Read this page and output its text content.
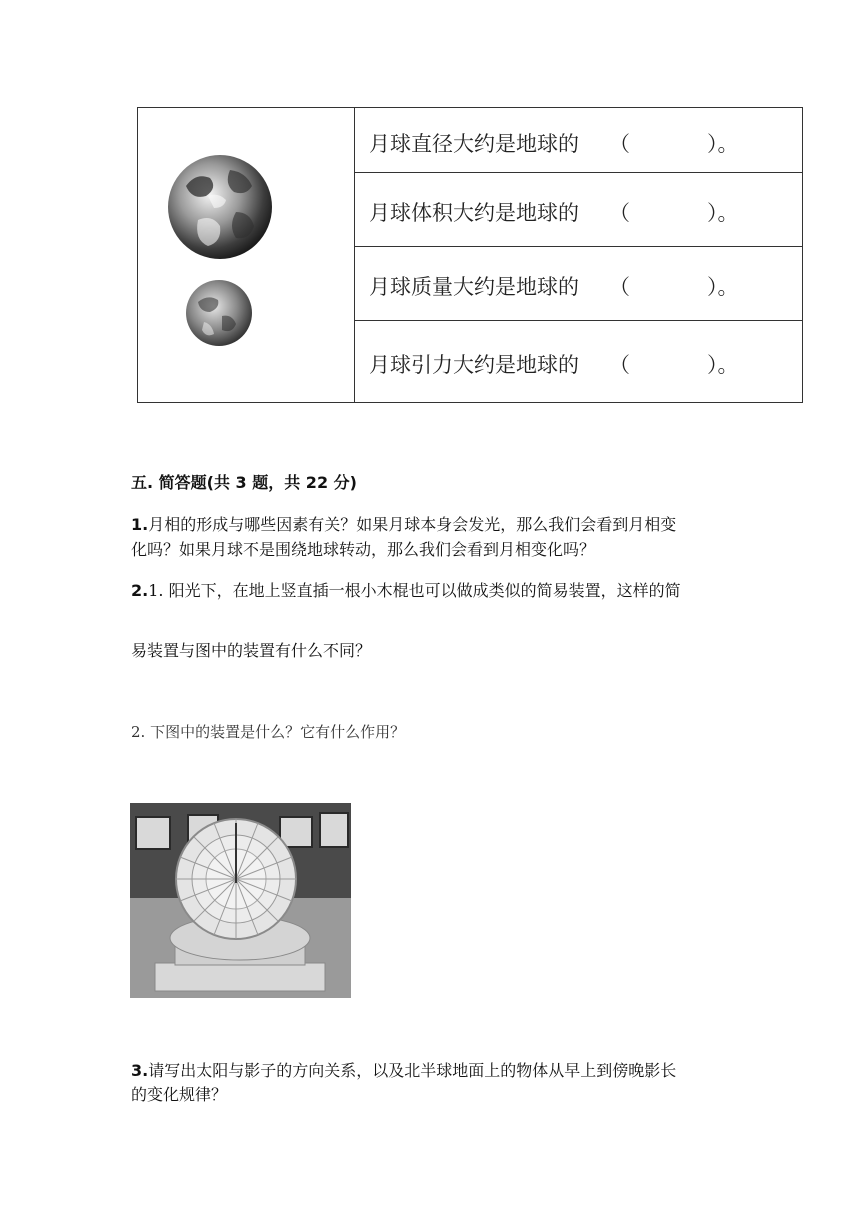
月球直径大约是地球的 （	）。
月球体积大约是地球的 （	）。
月球质量大约是地球的 （	）。
月球引力大约是地球的 （	）。
五. 简答题(共 3 题，共 22 分)
1.月相的形成与哪些因素有关？如果月球本身会发光，那么我们会看到月相变
化吗？如果月球不是围绕地球转动，那么我们会看到月相变化吗？
2.1. 阳光下，在地上竖直插一根小木棍也可以做成类似的简易装置，这样的简
易装置与图中的装置有什么不同？
2. 下图中的装置是什么？它有什么作用？
3.请写出太阳与影子的方向关系，以及北半球地面上的物体从早上到傍晚影长
的变化规律？
